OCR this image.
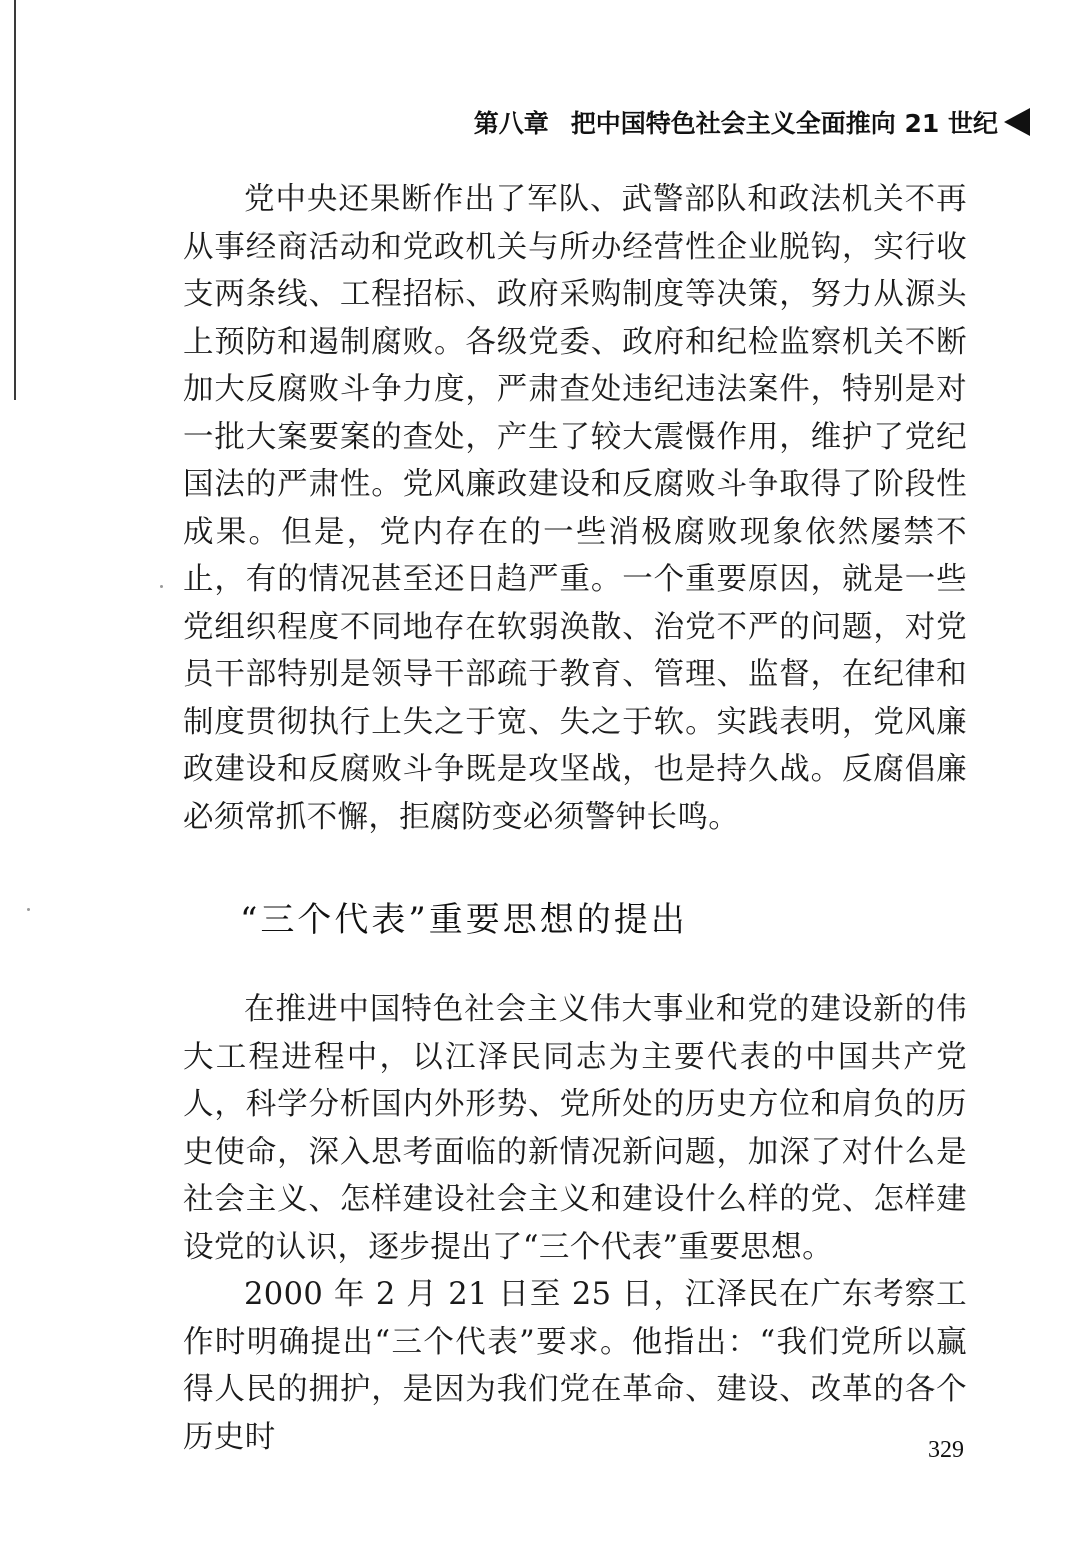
第八章 把中国特色社会主义全面推向 21 世纪

党中央还果断作出了军队、武警部队和政法机关不再从事经商活动和党政机关与所办经营性企业脱钩，实行收支两条线、工程招标、政府采购制度等决策，努力从源头上预防和遏制腐败。各级党委、政府和纪检监察机关不断加大反腐败斗争力度，严肃查处违纪违法案件，特别是对一批大案要案的查处，产生了较大震慑作用，维护了党纪国法的严肃性。党风廉政建设和反腐败斗争取得了阶段性成果。但是，党内存在的一些消极腐败现象依然屡禁不止，有的情况甚至还日趋严重。一个重要原因，就是一些党组织程度不同地存在软弱涣散、治党不严的问题，对党员干部特别是领导干部疏于教育、管理、监督，在纪律和制度贯彻执行上失之于宽、失之于软。实践表明，党风廉政建设和反腐败斗争既是攻坚战，也是持久战。反腐倡廉必须常抓不懈，拒腐防变必须警钟长鸣。

“三个代表”重要思想的提出

在推进中国特色社会主义伟大事业和党的建设新的伟大工程进程中，以江泽民同志为主要代表的中国共产党人，科学分析国内外形势、党所处的历史方位和肩负的历史使命，深入思考面临的新情况新问题，加深了对什么是社会主义、怎样建设社会主义和建设什么样的党、怎样建设党的认识，逐步提出了“三个代表”重要思想。

2000 年 2 月 21 日至 25 日，江泽民在广东考察工作时明确提出“三个代表”要求。他指出：“我们党所以赢得人民的拥护，是因为我们党在革命、建设、改革的各个历史时	329
